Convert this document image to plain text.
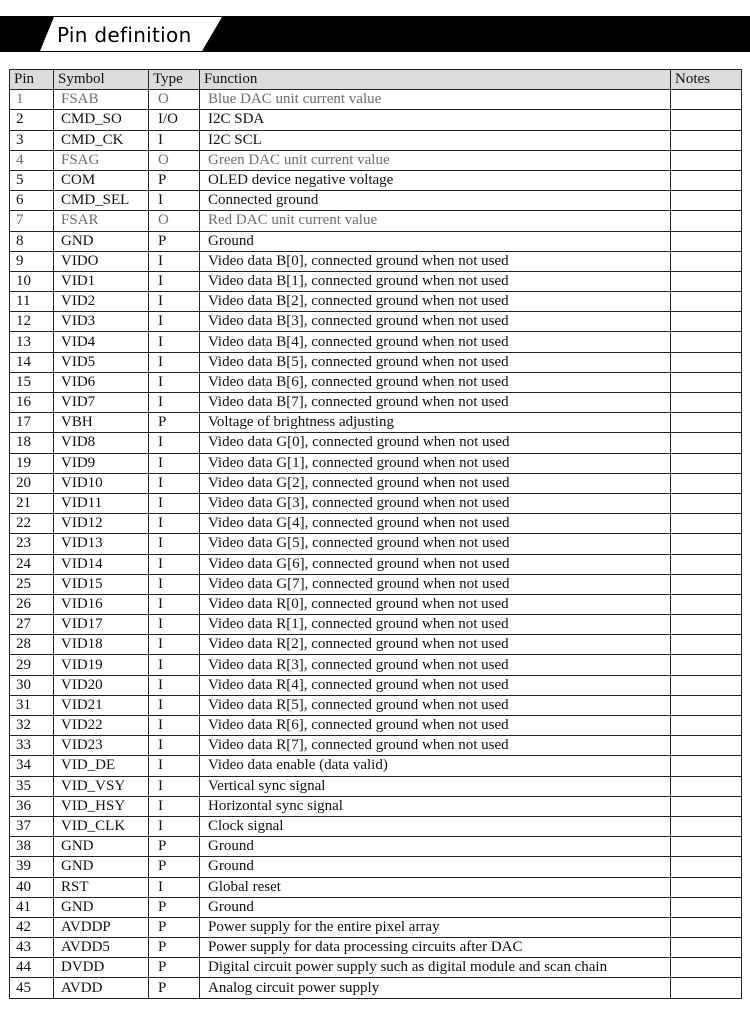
Pin definition
Pin	Symbol	Type	Function	Notes
1	FSAB	O	Blue DAC unit current value	
2	CMD_SO	I/O	I2C SDA	
3	CMD_CK	I	I2C SCL	
4	FSAG	O	Green DAC unit current value	
5	COM	P	OLED device negative voltage	
6	CMD_SEL	I	Connected ground	
7	FSAR	O	Red DAC unit current value	
8	GND	P	Ground	
9	VIDO	I	Video data B[0], connected ground when not used	
10	VID1	I	Video data B[1], connected ground when not used	
11	VID2	I	Video data B[2], connected ground when not used	
12	VID3	I	Video data B[3], connected ground when not used	
13	VID4	I	Video data B[4], connected ground when not used	
14	VID5	I	Video data B[5], connected ground when not used	
15	VID6	I	Video data B[6], connected ground when not used	
16	VID7	I	Video data B[7], connected ground when not used	
17	VBH	P	Voltage of brightness adjusting	
18	VID8	I	Video data G[0], connected ground when not used	
19	VID9	I	Video data G[1], connected ground when not used	
20	VID10	I	Video data G[2], connected ground when not used	
21	VID11	I	Video data G[3], connected ground when not used	
22	VID12	I	Video data G[4], connected ground when not used	
23	VID13	I	Video data G[5], connected ground when not used	
24	VID14	I	Video data G[6], connected ground when not used	
25	VID15	I	Video data G[7], connected ground when not used	
26	VID16	I	Video data R[0], connected ground when not used	
27	VID17	I	Video data R[1], connected ground when not used	
28	VID18	I	Video data R[2], connected ground when not used	
29	VID19	I	Video data R[3], connected ground when not used	
30	VID20	I	Video data R[4], connected ground when not used	
31	VID21	I	Video data R[5], connected ground when not used	
32	VID22	I	Video data R[6], connected ground when not used	
33	VID23	I	Video data R[7], connected ground when not used	
34	VID_DE	I	Video data enable (data valid)	
35	VID_VSY	I	Vertical sync signal	
36	VID_HSY	I	Horizontal sync signal	
37	VID_CLK	I	Clock signal	
38	GND	P	Ground	
39	GND	P	Ground	
40	RST	I	Global reset	
41	GND	P	Ground	
42	AVDDP	P	Power supply for the entire pixel array	
43	AVDD5	P	Power supply for data processing circuits after DAC	
44	DVDD	P	Digital circuit power supply such as digital module and scan chain	
45	AVDD	P	Analog circuit power supply	
